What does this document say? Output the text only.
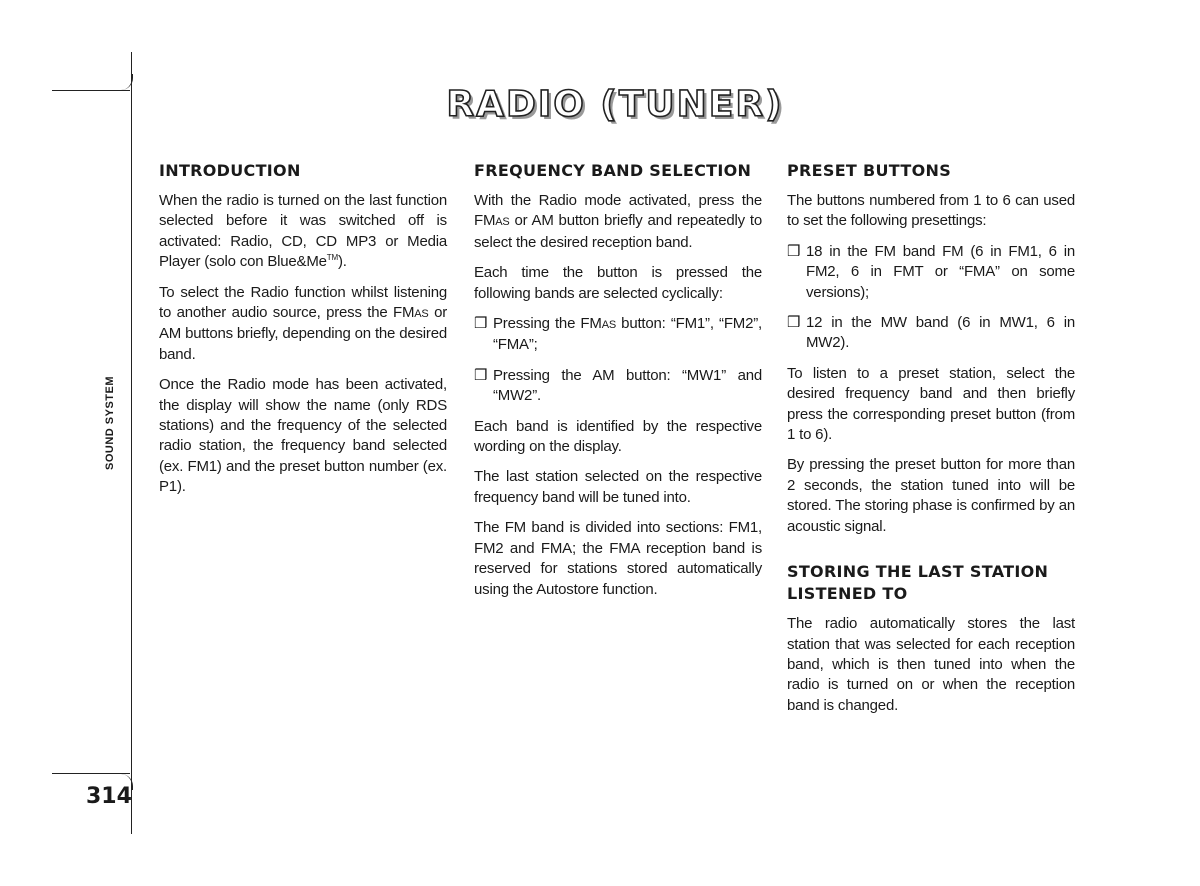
SOUND SYSTEM
314
RADIO (TUNER)
INTRODUCTION

When the radio is turned on the last function selected before it was switched off is activated: Radio, CD, CD MP3 or Media Player (solo con Blue&Me™).

To select the Radio function whilst listening to another audio source, press the FMAS or AM buttons briefly, depending on the desired band.

Once the Radio mode has been activated, the display will show the name (only RDS stations) and the frequency of the selected radio station, the frequency band selected (ex. FM1) and the preset button number (ex. P1).

FREQUENCY BAND SELECTION

With the Radio mode activated, press the FMAS or AM button briefly and repeatedly to select the desired reception band.

Each time the button is pressed the following bands are selected cyclically:

❒ Pressing the FMAS button: “FM1”, “FM2”, “FMA”;
❒ Pressing the AM button: “MW1” and “MW2”.

Each band is identified by the respective wording on the display.

The last station selected on the respective frequency band will be tuned into.

The FM band is divided into sections: FM1, FM2 and FMA; the FMA reception band is reserved for stations stored automatically using the Autostore function.

PRESET BUTTONS

The buttons numbered from 1 to 6 can used to set the following presettings:

❒ 18 in the FM band FM (6 in FM1, 6 in FM2, 6 in FMT or “FMA” on some versions);
❒ 12 in the MW band (6 in MW1, 6 in MW2).

To listen to a preset station, select the desired frequency band and then briefly press the corresponding preset button (from 1 to 6).

By pressing the preset button for more than 2 seconds, the station tuned into will be stored. The storing phase is confirmed by an acoustic signal.

STORING THE LAST STATION LISTENED TO

The radio automatically stores the last station that was selected for each reception band, which is then tuned into when the radio is turned on or when the reception band is changed.
